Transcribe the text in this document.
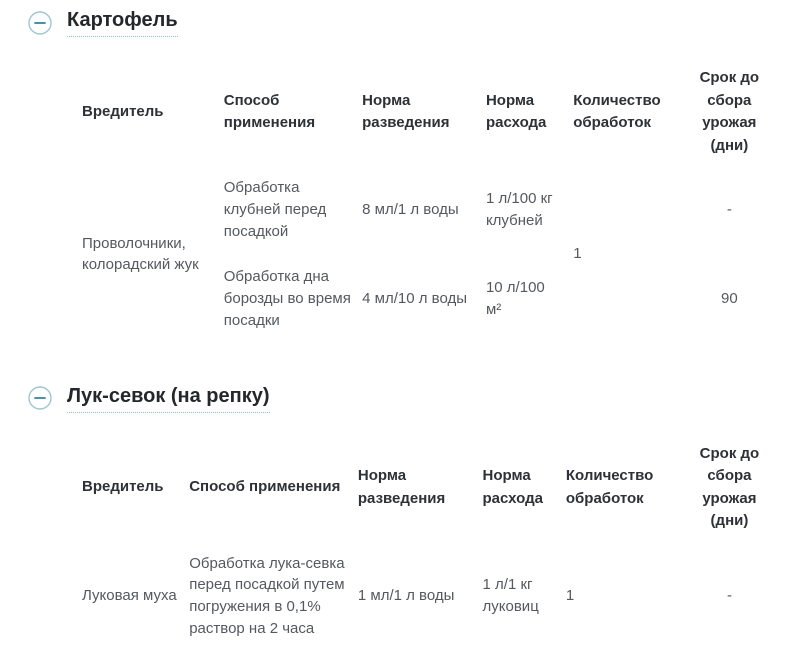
Картофель
Вредитель	Способ применения	Норма разведения	Норма расхода	Количество обработок	Срок до сбора урожая (дни)
Проволочники, колорадский жук	Обработка клубней перед посадкой	8 мл/1 л воды	1 л/100 кг клубней	1	-
	Обработка дна борозды во время посадки	4 мл/10 л воды	10 л/100 м²		90
Лук-севок (на репку)
Вредитель	Способ применения	Норма разведения	Норма расхода	Количество обработок	Срок до сбора урожая (дни)
Луковая муха	Обработка лука-севка перед посадкой путем погружения в 0,1% раствор на 2 часа	1 мл/1 л воды	1 л/1 кг луковиц	1	-
